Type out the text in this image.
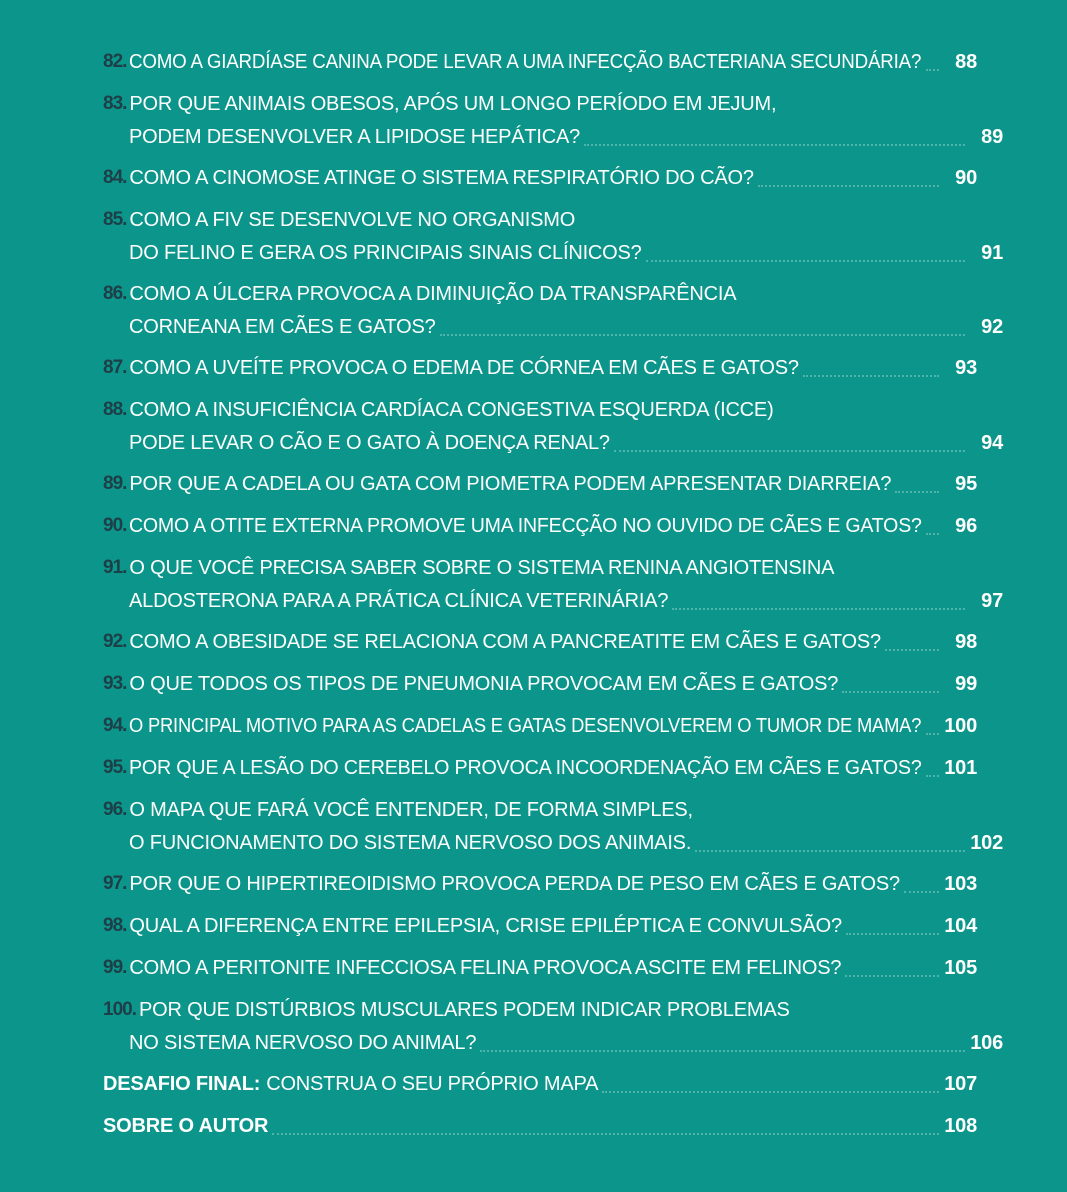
82. COMO A GIARDÍASE CANINA PODE LEVAR A UMA INFECÇÃO BACTERIANA SECUNDÁRIA?	88
83. POR QUE ANIMAIS OBESOS, APÓS UM LONGO PERÍODO EM JEJUM,
PODEM DESENVOLVER A LIPIDOSE HEPÁTICA?	89
84. COMO A CINOMOSE ATINGE O SISTEMA RESPIRATÓRIO DO CÃO?	90
85. COMO A FIV SE DESENVOLVE NO ORGANISMO
DO FELINO E GERA OS PRINCIPAIS SINAIS CLÍNICOS?	91
86. COMO A ÚLCERA PROVOCA A DIMINUIÇÃO DA TRANSPARÊNCIA
CORNEANA EM CÃES E GATOS?	92
87. COMO A UVEÍTE PROVOCA O EDEMA DE CÓRNEA EM CÃES E GATOS?	93
88. COMO A INSUFICIÊNCIA CARDÍACA CONGESTIVA ESQUERDA (ICCE)
PODE LEVAR O CÃO E O GATO À DOENÇA RENAL?	94
89. POR QUE A CADELA OU GATA COM PIOMETRA PODEM APRESENTAR DIARREIA?	95
90. COMO A OTITE EXTERNA PROMOVE UMA INFECÇÃO NO OUVIDO DE CÃES E GATOS?	96
91. O QUE VOCÊ PRECISA SABER SOBRE O SISTEMA RENINA ANGIOTENSINA
ALDOSTERONA PARA A PRÁTICA CLÍNICA VETERINÁRIA?	97
92. COMO A OBESIDADE SE RELACIONA COM A PANCREATITE EM CÃES E GATOS?	98
93. O QUE TODOS OS TIPOS DE PNEUMONIA PROVOCAM EM CÃES E GATOS?	99
94. O PRINCIPAL MOTIVO PARA AS CADELAS E GATAS DESENVOLVEREM O TUMOR DE MAMA? 100
95. POR QUE A LESÃO DO CEREBELO PROVOCA INCOORDENAÇÃO EM CÃES E GATOS? 101
96. O MAPA QUE FARÁ VOCÊ ENTENDER, DE FORMA SIMPLES,
O FUNCIONAMENTO DO SISTEMA NERVOSO DOS ANIMAIS.	102
97. POR QUE O HIPERTIREOIDISMO PROVOCA PERDA DE PESO EM CÃES E GATOS? 103
98. QUAL A DIFERENÇA ENTRE EPILEPSIA, CRISE EPILÉPTICA E CONVULSÃO?	104
99. COMO A PERITONITE INFECCIOSA FELINA PROVOCA ASCITE EM FELINOS?	105
100. POR QUE DISTÚRBIOS MUSCULARES PODEM INDICAR PROBLEMAS
NO SISTEMA NERVOSO DO ANIMAL?	106
DESAFIO FINAL: CONSTRUA O SEU PRÓPRIO MAPA	107
SOBRE O AUTOR	108
